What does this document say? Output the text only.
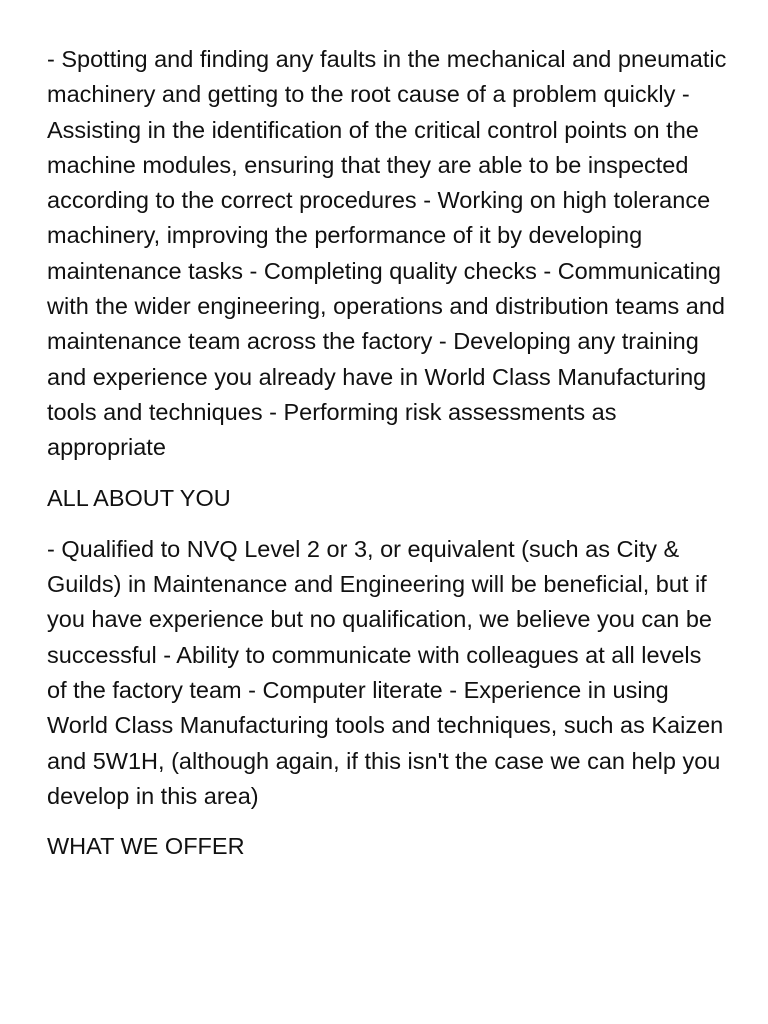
- Spotting and finding any faults in the mechanical and pneumatic machinery and getting to the root cause of a problem quickly - Assisting in the identification of the critical control points on the machine modules, ensuring that they are able to be inspected according to the correct procedures - Working on high tolerance machinery, improving the performance of it by developing maintenance tasks - Completing quality checks - Communicating with the wider engineering, operations and distribution teams and maintenance team across the factory - Developing any training and experience you already have in World Class Manufacturing tools and techniques - Performing risk assessments as appropriate

ALL ABOUT YOU

- Qualified to NVQ Level 2 or 3, or equivalent (such as City & Guilds) in Maintenance and Engineering will be beneficial, but if you have experience but no qualification, we believe you can be successful - Ability to communicate with colleagues at all levels of the factory team - Computer literate - Experience in using World Class Manufacturing tools and techniques, such as Kaizen and 5W1H, (although again, if this isn't the case we can help you develop in this area)

WHAT WE OFFER
